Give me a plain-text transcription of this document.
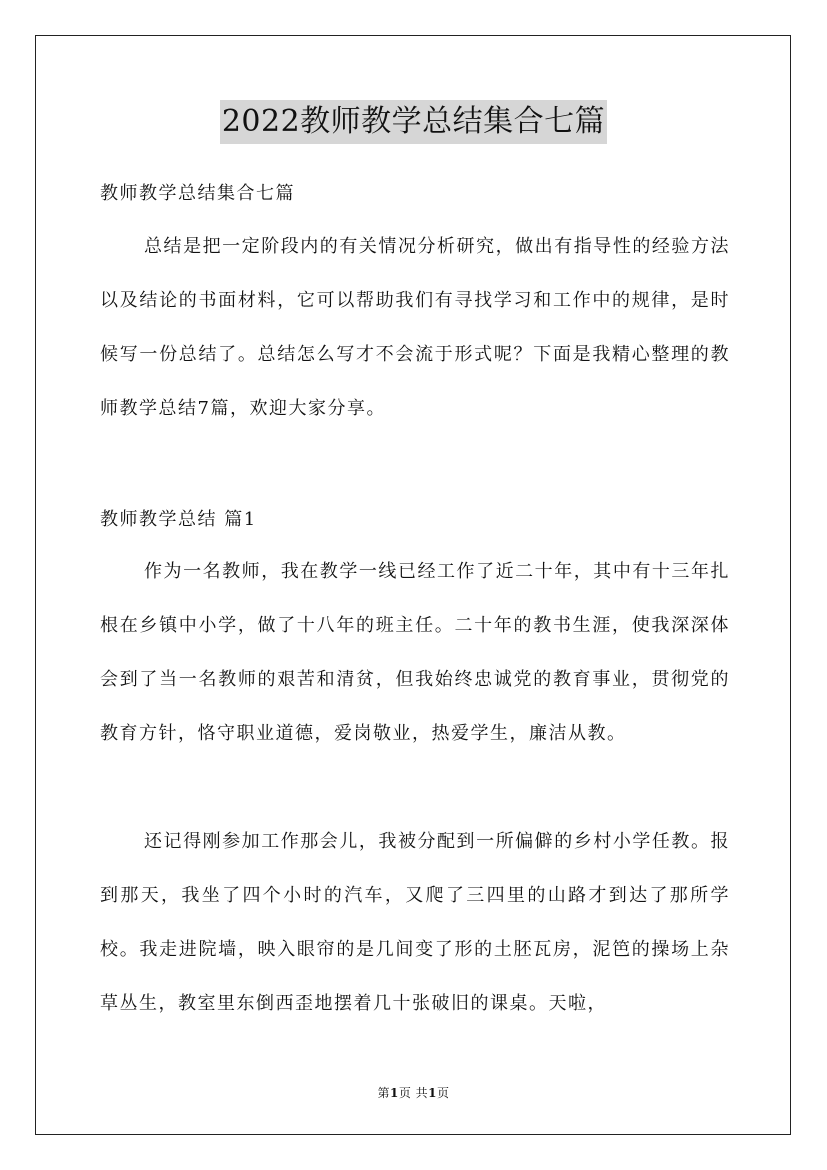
2022教师教学总结集合七篇
教师教学总结集合七篇
总结是把一定阶段内的有关情况分析研究，做出有指导性的经验方法以及结论的书面材料，它可以帮助我们有寻找学习和工作中的规律，是时候写一份总结了。总结怎么写才不会流于形式呢？下面是我精心整理的教师教学总结7篇，欢迎大家分享。
教师教学总结 篇1
作为一名教师，我在教学一线已经工作了近二十年，其中有十三年扎根在乡镇中小学，做了十八年的班主任。二十年的教书生涯，使我深深体会到了当一名教师的艰苦和清贫，但我始终忠诚党的教育事业，贯彻党的教育方针，恪守职业道德，爱岗敬业，热爱学生，廉洁从教。
还记得刚参加工作那会儿，我被分配到一所偏僻的乡村小学任教。报到那天，我坐了四个小时的汽车，又爬了三四里的山路才到达了那所学校。我走进院墙，映入眼帘的是几间变了形的土胚瓦房，泥笆的操场上杂草丛生，教室里东倒西歪地摆着几十张破旧的课桌。天啦，
第1页 共1页
